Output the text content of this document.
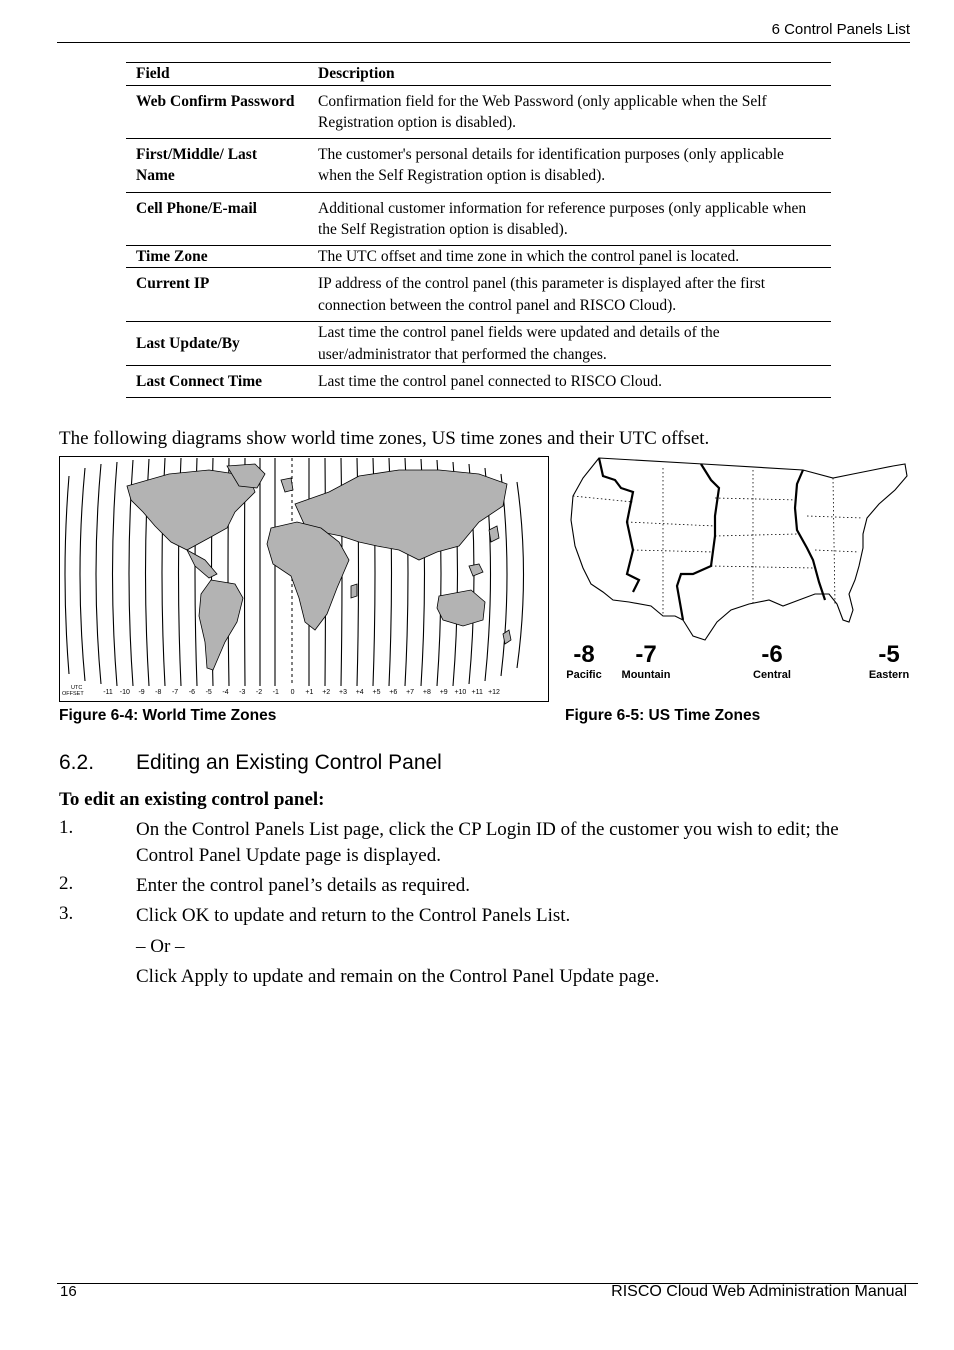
6 Control Panels List
Field	Description
Web Confirm Password	Confirmation field for the Web Password (only applicable when the Self Registration option is disabled).
First/Middle/ Last Name	The customer's personal details for identification purposes (only applicable when the Self Registration option is disabled).
Cell Phone/E-mail	Additional customer information for reference purposes (only applicable when the Self Registration option is disabled).
Time Zone	The UTC offset and time zone in which the control panel is located.
Current IP	IP address of the control panel (this parameter is displayed after the first connection between the control panel and RISCO Cloud).
Last Update/By	Last time the control panel fields were updated and details of the user/administrator that performed the changes.
Last Connect Time	Last time the control panel connected to RISCO Cloud.
The following diagrams show world time zones, US time zones and their UTC offset.
UTC
OFFSET	-11 -10 -9 -8 -7 -6 -5 -4 -3 -2 -1 0 +1 +2 +3 +4 +5 +6 +7 +8 +9 +10 +11 +12
-8
Pacific
-7
Mountain
-6
Central
-5
Eastern
Figure 6-4: World Time Zones	Figure 6-5: US Time Zones
6.2. Editing an Existing Control Panel
To edit an existing control panel:
1.	On the Control Panels List page, click the CP Login ID of the customer you wish to edit; the Control Panel Update page is displayed.
2.	Enter the control panel’s details as required.
3.	Click OK to update and return to the Control Panels List.
– Or –
Click Apply to update and remain on the Control Panel Update page.
16	RISCO Cloud Web Administration Manual
